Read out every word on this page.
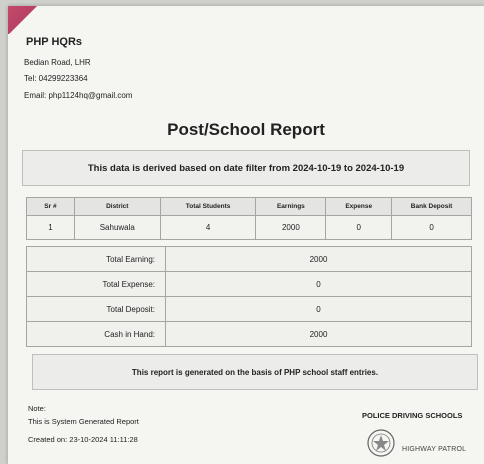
PHP HQRs
Bedian Road, LHR
Tel: 04299223364
Email: php1124hq@gmail.com
Post/School Report
This data is derived based on date filter from 2024-10-19 to 2024-10-19
Sr #	District	Total Students	Earnings	Expense	Bank Deposit
1	Sahuwala	4	2000	0	0
Total Earning:	2000
Total Expense:	0
Total Deposit:	0
Cash in Hand:	2000
This report is generated on the basis of PHP school staff entries.
Note:
This is System Generated Report
Created on: 23-10-2024 11:11:28
POLICE DRIVING SCHOOLS
HIGHWAY PATROL
